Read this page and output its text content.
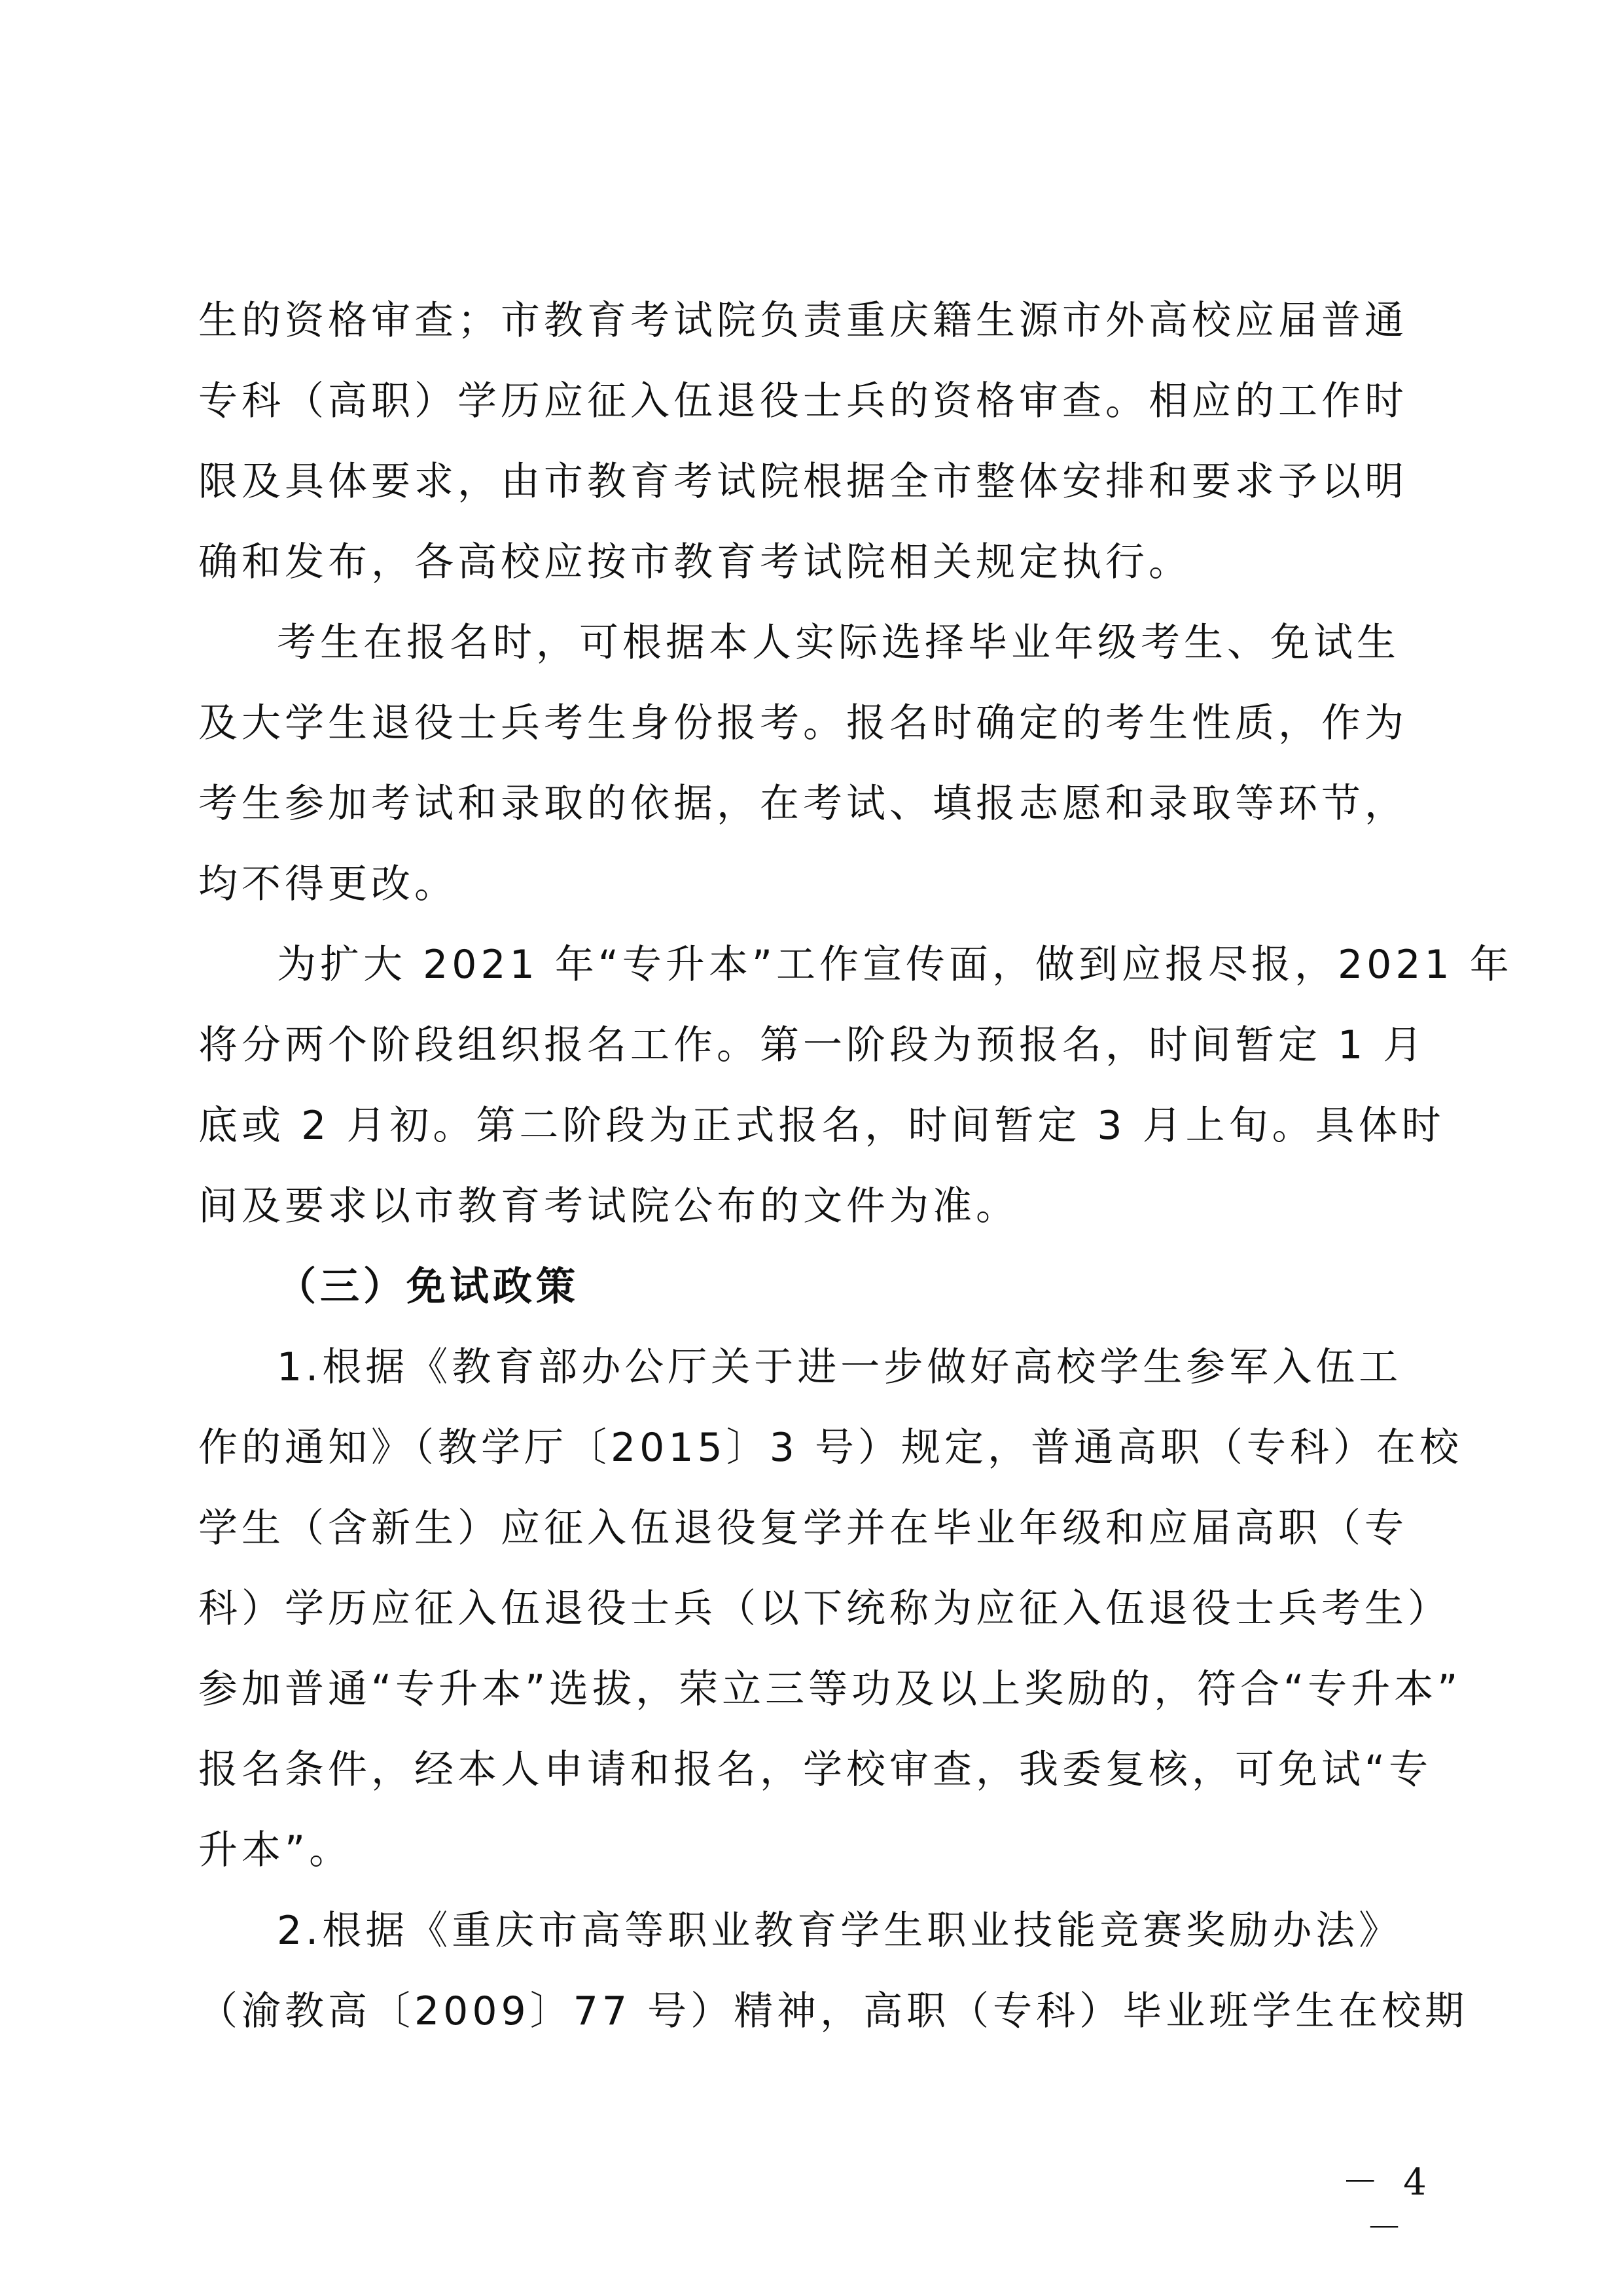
生的资格审查；市教育考试院负责重庆籍生源市外高校应届普通
专科（高职）学历应征入伍退役士兵的资格审查。相应的工作时
限及具体要求，由市教育考试院根据全市整体安排和要求予以明
确和发布，各高校应按市教育考试院相关规定执行。
考生在报名时，可根据本人实际选择毕业年级考生、免试生
及大学生退役士兵考生身份报考。报名时确定的考生性质，作为
考生参加考试和录取的依据，在考试、填报志愿和录取等环节，
均不得更改。
为扩大 2021 年“专升本”工作宣传面，做到应报尽报，2021 年
将分两个阶段组织报名工作。第一阶段为预报名，时间暂定 1 月
底或 2 月初。第二阶段为正式报名，时间暂定 3 月上旬。具体时
间及要求以市教育考试院公布的文件为准。
（三）免试政策
1.根据《教育部办公厅关于进一步做好高校学生参军入伍工
作的通知》（教学厅〔2015〕3 号）规定，普通高职（专科）在校
学生（含新生）应征入伍退役复学并在毕业年级和应届高职（专
科）学历应征入伍退役士兵（以下统称为应征入伍退役士兵考生）
参加普通“专升本”选拔，荣立三等功及以上奖励的，符合“专升本”
报名条件，经本人申请和报名，学校审查，我委复核，可免试“专
升本”。
2.根据《重庆市高等职业教育学生职业技能竞赛奖励办法》
（渝教高〔2009〕77 号）精神，高职（专科）毕业班学生在校期
－ 4 －
